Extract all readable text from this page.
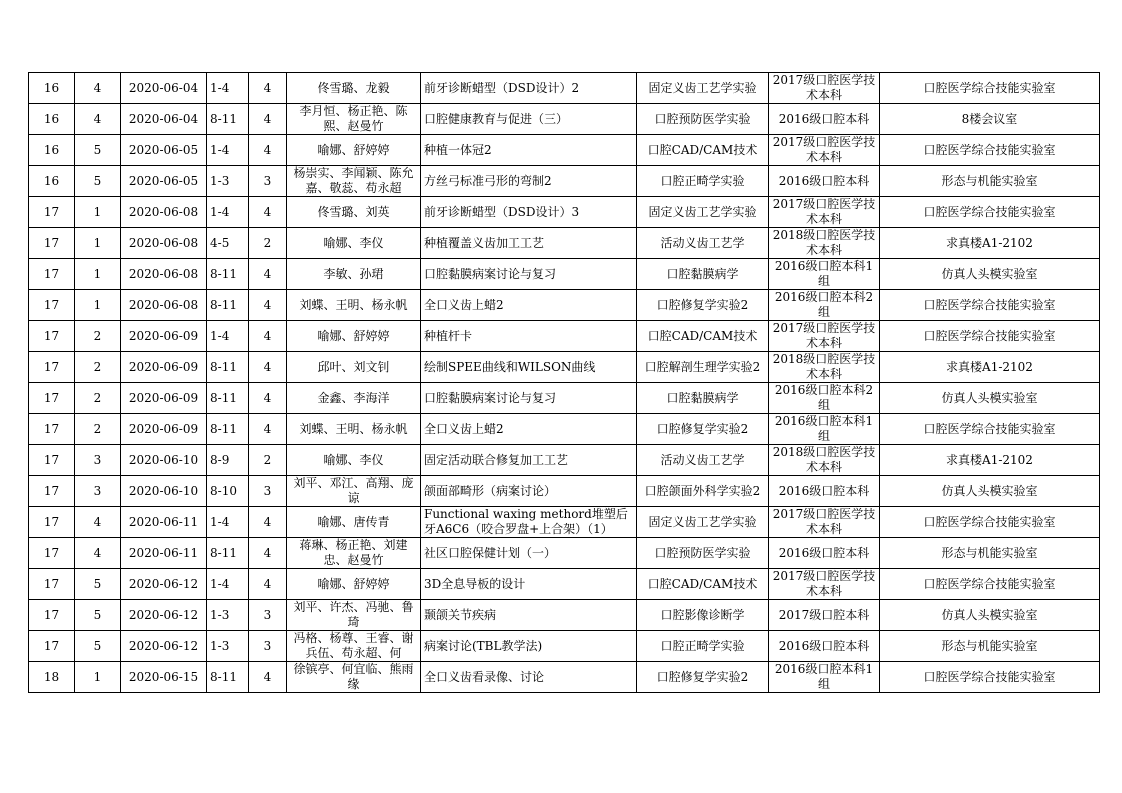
16	4	2020-06-04	1-4	4	佟雪璐、龙毅	前牙诊断蜡型（DSD设计）2	固定义齿工艺学实验	2017级口腔医学技术本科	口腔医学综合技能实验室
16	4	2020-06-04	8-11	4	李月恒、杨正艳、陈熙、赵曼竹	口腔健康教育与促进（三）	口腔预防医学实验	2016级口腔本科	8楼会议室
16	5	2020-06-05	1-4	4	喻娜、舒婷婷	种植一体冠2	口腔CAD/CAM技术	2017级口腔医学技术本科	口腔医学综合技能实验室
16	5	2020-06-05	1-3	3	杨崇实、李闻颖、陈允嘉、敬蕊、苟永超	方丝弓标准弓形的弯制2	口腔正畸学实验	2016级口腔本科	形态与机能实验室
17	1	2020-06-08	1-4	4	佟雪璐、刘英	前牙诊断蜡型（DSD设计）3	固定义齿工艺学实验	2017级口腔医学技术本科	口腔医学综合技能实验室
17	1	2020-06-08	4-5	2	喻娜、李仪	种植覆盖义齿加工工艺	活动义齿工艺学	2018级口腔医学技术本科	求真楼A1-2102
17	1	2020-06-08	8-11	4	李敏、孙珺	口腔黏膜病案讨论与复习	口腔黏膜病学	2016级口腔本科1组	仿真人头模实验室
17	1	2020-06-08	8-11	4	刘蝶、王明、杨永帆	全口义齿上蜡2	口腔修复学实验2	2016级口腔本科2组	口腔医学综合技能实验室
17	2	2020-06-09	1-4	4	喻娜、舒婷婷	种植杆卡	口腔CAD/CAM技术	2017级口腔医学技术本科	口腔医学综合技能实验室
17	2	2020-06-09	8-11	4	邱叶、刘文钊	绘制SPEE曲线和WILSON曲线	口腔解剖生理学实验2	2018级口腔医学技术本科	求真楼A1-2102
17	2	2020-06-09	8-11	4	金鑫、李海洋	口腔黏膜病案讨论与复习	口腔黏膜病学	2016级口腔本科2组	仿真人头模实验室
17	2	2020-06-09	8-11	4	刘蝶、王明、杨永帆	全口义齿上蜡2	口腔修复学实验2	2016级口腔本科1组	口腔医学综合技能实验室
17	3	2020-06-10	8-9	2	喻娜、李仪	固定活动联合修复加工工艺	活动义齿工艺学	2018级口腔医学技术本科	求真楼A1-2102
17	3	2020-06-10	8-10	3	刘平、邓江、高翔、庞谅	颌面部畸形（病案讨论）	口腔颌面外科学实验2	2016级口腔本科	仿真人头模实验室
17	4	2020-06-11	1-4	4	喻娜、唐传青	Functional waxing methord堆塑后牙A6C6（咬合罗盘+上合架）（1）	固定义齿工艺学实验	2017级口腔医学技术本科	口腔医学综合技能实验室
17	4	2020-06-11	8-11	4	蒋琳、杨正艳、刘建忠、赵曼竹	社区口腔保健计划（一）	口腔预防医学实验	2016级口腔本科	形态与机能实验室
17	5	2020-06-12	1-4	4	喻娜、舒婷婷	3D全息导板的设计	口腔CAD/CAM技术	2017级口腔医学技术本科	口腔医学综合技能实验室
17	5	2020-06-12	1-3	3	刘平、许杰、冯驰、鲁琦	颞颌关节疾病	口腔影像诊断学	2017级口腔本科	仿真人头模实验室
17	5	2020-06-12	1-3	3	冯格、杨尊、王睿、谢兵伍、苟永超、何	病案讨论(TBL教学法)	口腔正畸学实验	2016级口腔本科	形态与机能实验室
18	1	2020-06-15	8-11	4	徐镔亭、何宜临、熊雨缘	全口义齿看录像、讨论	口腔修复学实验2	2016级口腔本科1组	口腔医学综合技能实验室
